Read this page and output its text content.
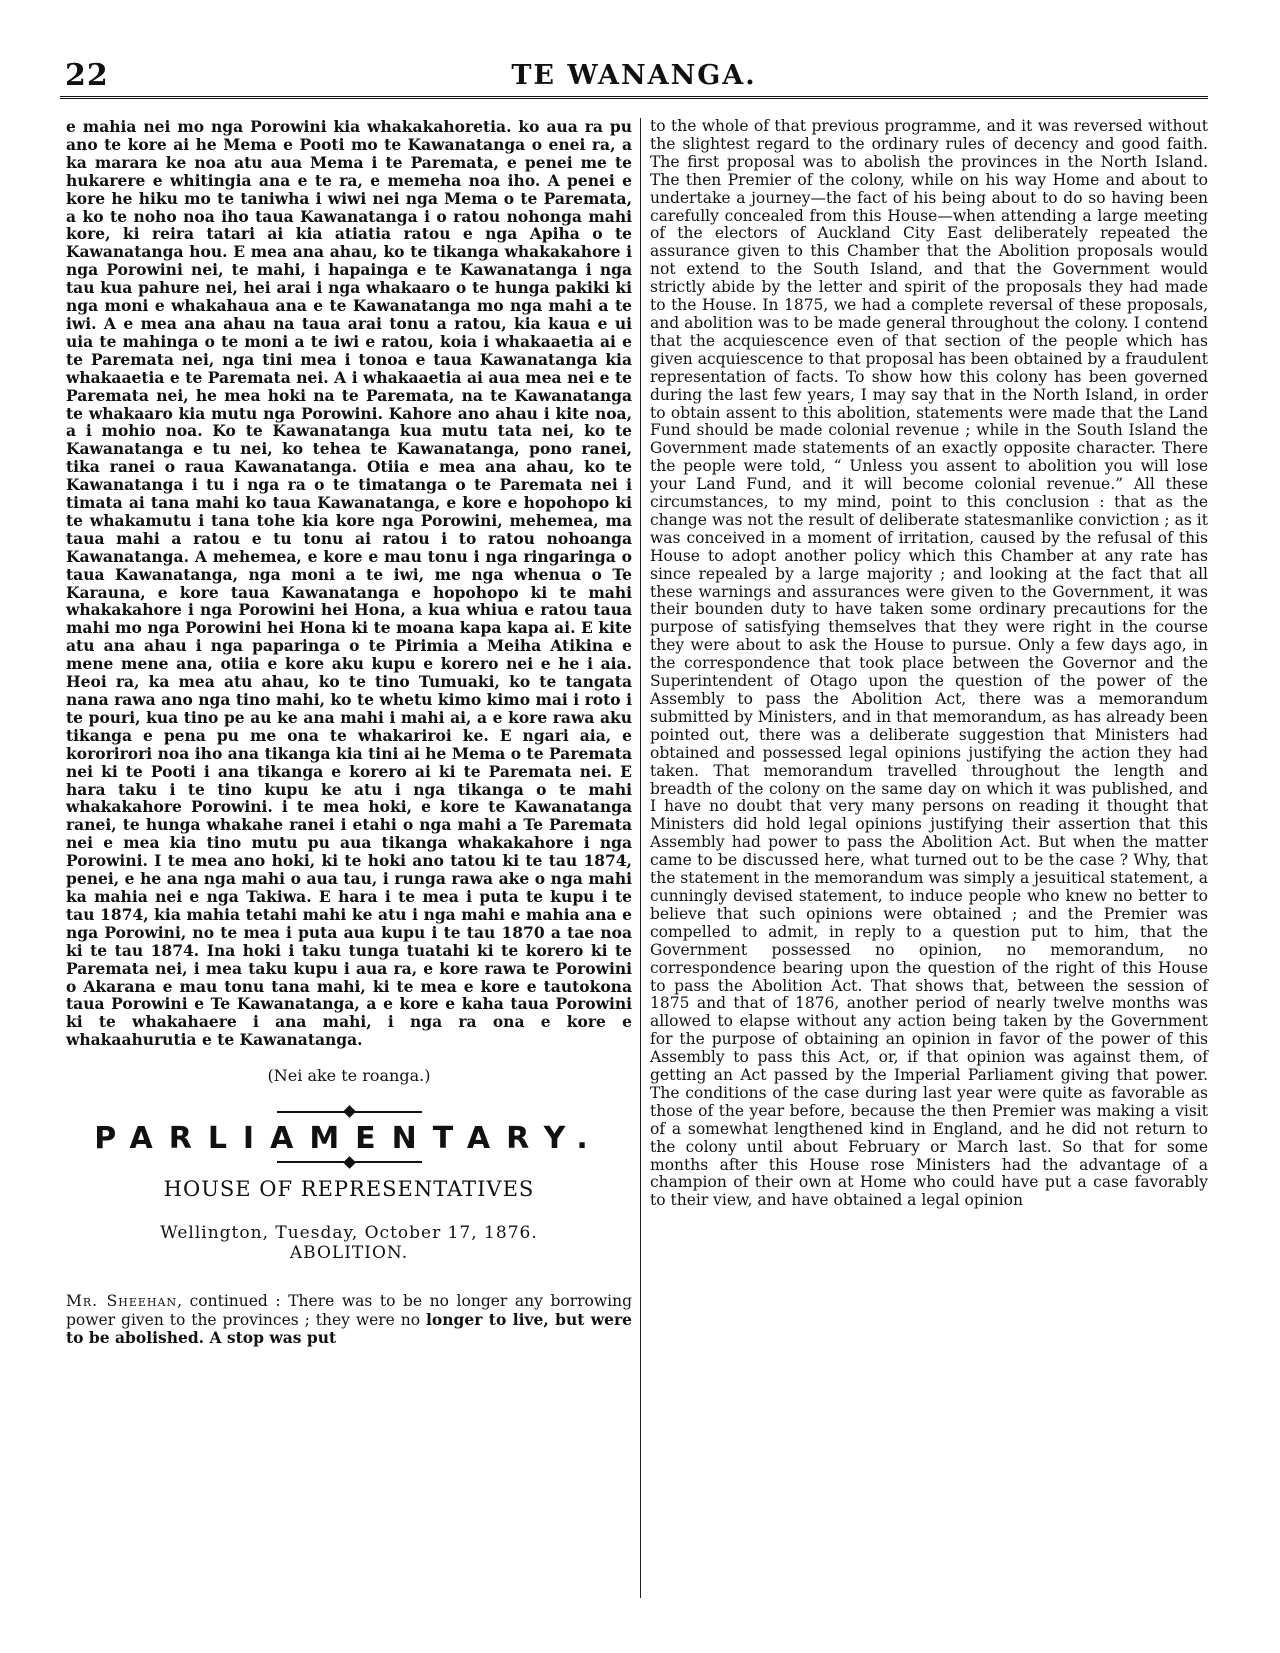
22	TE WANANGA.

e mahia nei mo nga Porowini kia whakakahoretia. ko aua ra pu ano te kore ai he Mema e Pooti mo te Kawanatanga o enei ra, a ka marara ke noa atu aua Mema i te Paremata, e penei me te hukarere e whitingia ana e te ra, e memeha noa iho. A penei e kore he hiku mo te taniwha i wiwi nei nga Mema o te Paremata, a ko te noho noa iho taua Kawanatanga i o ratou nohonga mahi kore, ki reira tatari ai kia atiatia ratou e nga Apiha o te Kawanatanga hou. E mea ana ahau, ko te tikanga whakakahore i nga Porowini nei, te mahi, i hapainga e te Kawanatanga i nga tau kua pahure nei, hei arai i nga whakaaro o te hunga pakiki ki nga moni e whakahaua ana e te Kawanatanga mo nga mahi a te iwi. A e mea ana ahau na taua arai tonu a ratou, kia kaua e ui uia te mahinga o te moni a te iwi e ratou, koia i whakaaetia ai e te Paremata nei, nga tini mea i tonoa e taua Kawanatanga kia whakaaetia e te Paremata nei. A i whakaaetia ai aua mea nei e te Paremata nei, he mea hoki na te Paremata, na te Kawanatanga te whakaaro kia mutu nga Porowini. Kahore ano ahau i kite noa, a i mohio noa. Ko te Kawanatanga kua mutu tata nei, ko te Kawanatanga e tu nei, ko tehea te Kawanatanga, pono ranei, tika ranei o raua Kawanatanga. Otiia e mea ana ahau, ko te Kawanatanga i tu i nga ra o te timatanga o te Paremata nei i timata ai tana mahi ko taua Kawanatanga, e kore e hopohopo ki te whakamutu i tana tohe kia kore nga Porowini, mehemea, ma taua mahi a ratou e tu tonu ai ratou i to ratou nohoanga Kawanatanga. A mehemea, e kore e mau tonu i nga ringaringa o taua Kawanatanga, nga moni a te iwi, me nga whenua o Te Karauna, e kore taua Kawanatanga e hopohopo ki te mahi whakakahore i nga Porowini hei Hona, a kua whiua e ratou taua mahi mo nga Porowini hei Hona ki te moana kapa kapa ai. E kite atu ana ahau i nga paparinga o te Pirimia a Meiha Atikina e mene mene ana, otiia e kore aku kupu e korero nei e he i aia. Heoi ra, ka mea atu ahau, ko te tino Tumuaki, ko te tangata nana rawa ano nga tino mahi, ko te whetu kimo kimo mai i roto i te pouri, kua tino pe au ke ana mahi i mahi ai, a e kore rawa aku tikanga e pena pu me ona te whakariroi ke. E ngari aia, e kororirori noa iho ana tikanga kia tini ai he Mema o te Paremata nei ki te Pooti i ana tikanga e korero ai ki te Paremata nei. E hara taku i te tino kupu ke atu i nga tikanga o te mahi whakakahore Porowini. i te mea hoki, e kore te Kawanatanga ranei, te hunga whakahe ranei i etahi o nga mahi a Te Paremata nei e mea kia tino mutu pu aua tikanga whakakahore i nga Porowini. I te mea ano hoki, ki te hoki ano tatou ki te tau 1874, penei, e he ana nga mahi o aua tau, i runga rawa ake o nga mahi ka mahia nei e nga Takiwa. E hara i te mea i puta te kupu i te tau 1874, kia mahia tetahi mahi ke atu i nga mahi e mahia ana e nga Porowini, no te mea i puta aua kupu i te tau 1870 a tae noa ki te tau 1874. Ina hoki i taku tunga tuatahi ki te korero ki te Paremata nei, i mea taku kupu i aua ra, e kore rawa te Porowini o Akarana e mau tonu tana mahi, ki te mea e kore e tautokona taua Porowini e Te Kawanatanga, a e kore e kaha taua Porowini ki te whakahaere i ana mahi, i nga ra ona e kore e whakaahurutia e te Kawanatanga.

(Nei ake te roanga.)

PARLIAMENTARY.

HOUSE OF REPRESENTATIVES

Wellington, Tuesday, October 17, 1876.

ABOLITION.

Mr. Sheehan, continued : There was to be no longer any borrowing power given to the provinces ; they were no longer to live, but were to be abolished. A stop was put

to the whole of that previous programme, and it was reversed without the slightest regard to the ordinary rules of decency and good faith. The first proposal was to abolish the provinces in the North Island. The then Premier of the colony, while on his way Home and about to undertake a journey—the fact of his being about to do so having been carefully concealed from this House—when attending a large meeting of the electors of Auckland City East deliberately repeated the assurance given to this Chamber that the Abolition proposals would not extend to the South Island, and that the Government would strictly abide by the letter and spirit of the proposals they had made to the House. In 1875, we had a complete reversal of these proposals, and abolition was to be made general throughout the colony. I contend that the acquiescence even of that section of the people which has given acquiescence to that proposal has been obtained by a fraudulent representation of facts. To show how this colony has been governed during the last few years, I may say that in the North Island, in order to obtain assent to this abolition, statements were made that the Land Fund should be made colonial revenue ; while in the South Island the Government made statements of an exactly opposite character. There the people were told, “ Unless you assent to abolition you will lose your Land Fund, and it will become colonial revenue.” All these circumstances, to my mind, point to this conclusion : that as the change was not the result of deliberate statesmanlike conviction ; as it was conceived in a moment of irritation, caused by the refusal of this House to adopt another policy which this Chamber at any rate has since repealed by a large majority ; and looking at the fact that all these warnings and assurances were given to the Government, it was their bounden duty to have taken some ordinary precautions for the purpose of satisfying themselves that they were right in the course they were about to ask the House to pursue. Only a few days ago, in the correspondence that took place between the Governor and the Superintendent of Otago upon the question of the power of the Assembly to pass the Abolition Act, there was a memorandum submitted by Ministers, and in that memorandum, as has already been pointed out, there was a deliberate suggestion that Ministers had obtained and possessed legal opinions justifying the action they had taken. That memorandum travelled throughout the length and breadth of the colony on the same day on which it was published, and I have no doubt that very many persons on reading it thought that Ministers did hold legal opinions justifying their assertion that this Assembly had power to pass the Abolition Act. But when the matter came to be discussed here, what turned out to be the case ? Why, that the statement in the memorandum was simply a jesuitical statement, a cunningly devised statement, to induce people who knew no better to believe that such opinions were obtained ; and the Premier was compelled to admit, in reply to a question put to him, that the Government possessed no opinion, no memorandum, no correspondence bearing upon the question of the right of this House to pass the Abolition Act. That shows that, between the session of 1875 and that of 1876, another period of nearly twelve months was allowed to elapse without any action being taken by the Government for the purpose of obtaining an opinion in favor of the power of this Assembly to pass this Act, or, if that opinion was against them, of getting an Act passed by the Imperial Parliament giving that power. The conditions of the case during last year were quite as favorable as those of the year before, because the then Premier was making a visit of a somewhat lengthened kind in England, and he did not return to the colony until about February or March last. So that for some months after this House rose Ministers had the advantage of a champion of their own at Home who could have put a case favorably to their view, and have obtained a legal opinion
